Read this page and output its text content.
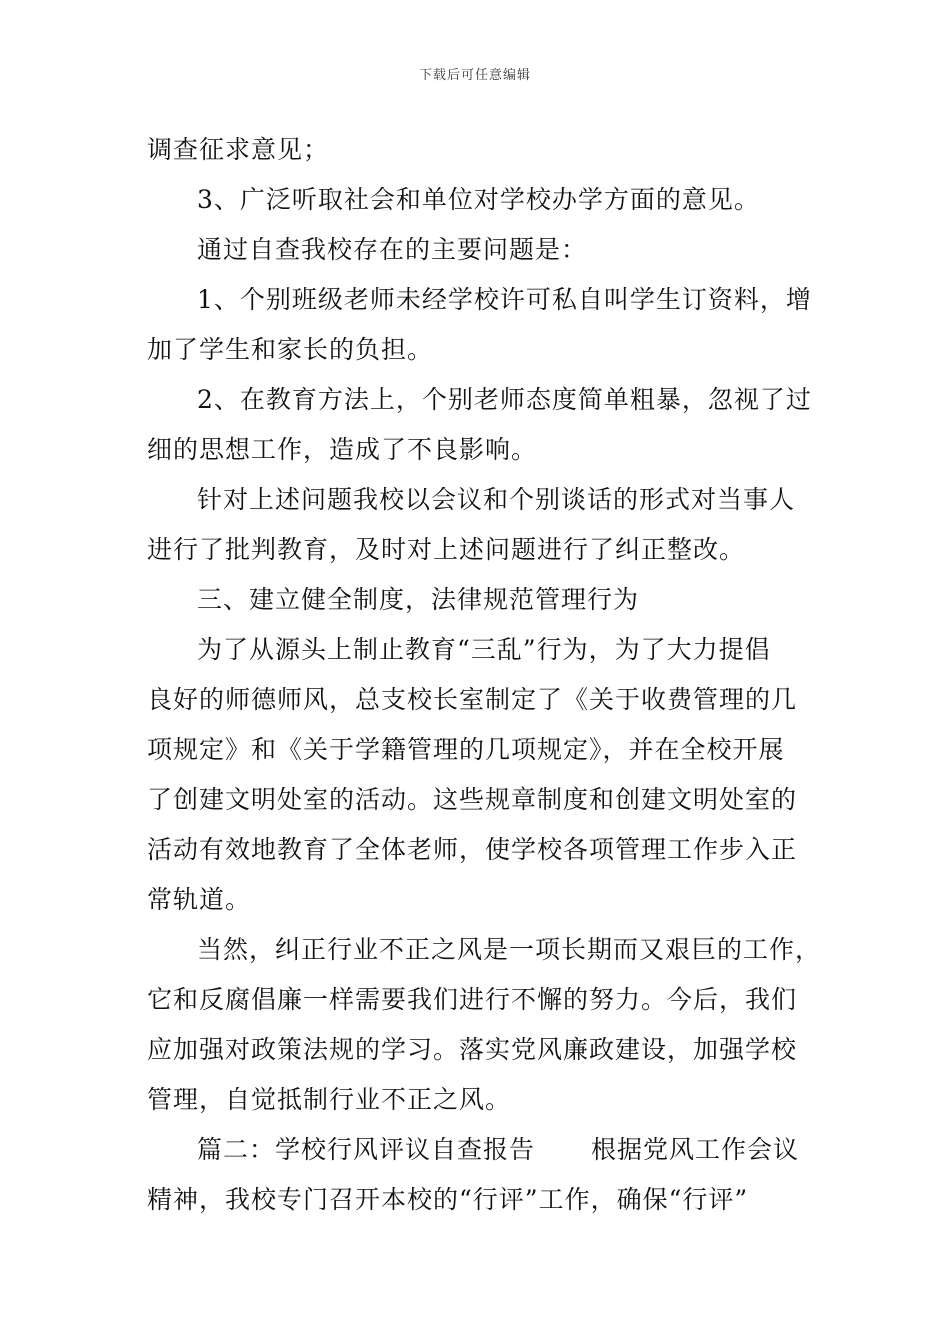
下载后可任意编辑
调查征求意见；
3、广泛听取社会和单位对学校办学方面的意见。
通过自查我校存在的主要问题是：
1、个别班级老师未经学校许可私自叫学生订资料，增
加了学生和家长的负担。
2、在教育方法上，个别老师态度简单粗暴，忽视了过
细的思想工作，造成了不良影响。
针对上述问题我校以会议和个别谈话的形式对当事人
进行了批判教育，及时对上述问题进行了纠正整改。
三、建立健全制度，法律规范管理行为
为了从源头上制止教育“三乱”行为，为了大力提倡
良好的师德师风，总支校长室制定了《关于收费管理的几
项规定》和《关于学籍管理的几项规定》，并在全校开展
了创建文明处室的活动。这些规章制度和创建文明处室的
活动有效地教育了全体老师，使学校各项管理工作步入正
常轨道。
当然，纠正行业不正之风是一项长期而又艰巨的工作，
它和反腐倡廉一样需要我们进行不懈的努力。今后，我们
应加强对政策法规的学习。落实党风廉政建设，加强学校
管理，自觉抵制行业不正之风。
篇二：学校行风评议自查报告 根据党风工作会议
精神，我校专门召开本校的“行评”工作，确保“行评”
